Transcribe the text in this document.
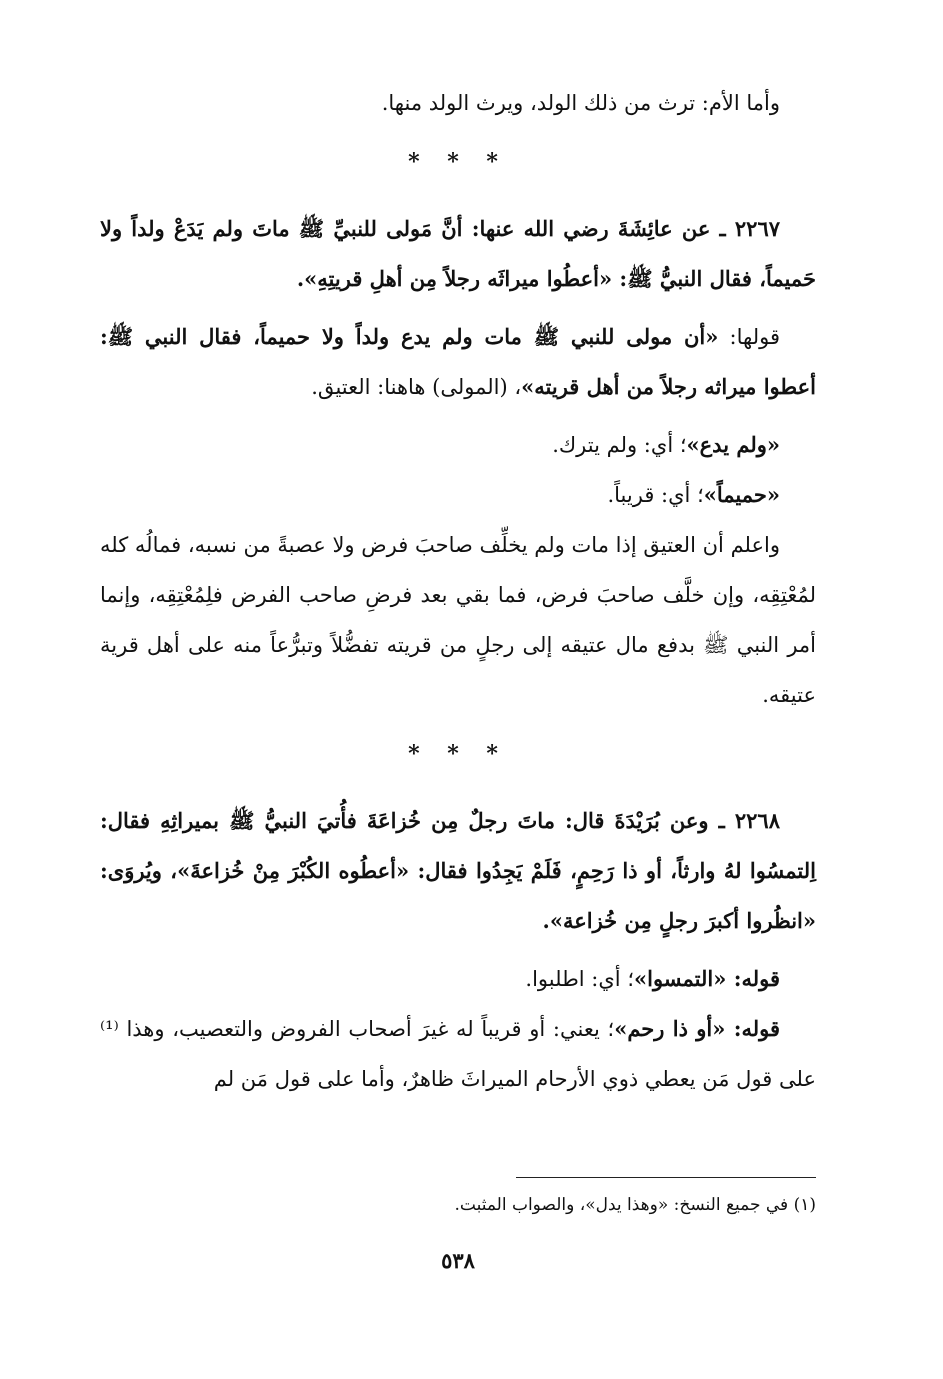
وأما الأم: ترث من ذلك الولد، ويرث الولد منها.

* * *

٢٢٦٧ ـ عن عائِشَةَ رضي الله عنها: أنَّ مَولى للنبيِّ ﷺ ماتَ ولم يَدَعْ ولداً ولا حَميماً، فقال النبيُّ ﷺ: «أعطُوا ميراثَه رجلاً مِن أهلِ قريتِهِ».

قولها: «أن مولى للنبي ﷺ مات ولم يدع ولداً ولا حميماً، فقال النبي ﷺ: أعطوا ميراثه رجلاً من أهل قريته»، (المولى) هاهنا: العتيق.

«ولم يدع»؛ أي: ولم يترك.

«حميماً»؛ أي: قريباً.

واعلم أن العتيق إذا مات ولم يخلِّف صاحبَ فرض ولا عصبةً من نسبه، فمالُه كله لمُعْتِقِه، وإن خلَّف صاحبَ فرض، فما بقي بعد فرضِ صاحب الفرض فلِمُعْتِقِه، وإنما أمر النبي ﷺ بدفع مال عتيقه إلى رجلٍ من قريته تفضُّلاً وتبرُّعاً منه على أهل قرية عتيقه.

* * *

٢٢٦٨ ـ وعن بُرَيْدَةَ قال: ماتَ رجلٌ مِن خُزاعَةَ فأُتيَ النبيُّ ﷺ بميراثِهِ فقال: اِلتمسُوا لهُ وارثاً، أو ذا رَحِمٍ، فَلَمْ يَجِدُوا فقال: «أعطُوه الكُبْرَ مِنْ خُزاعةَ»، ويُروَى: «انظُروا أكبرَ رجلٍ مِن خُزاعة».

قوله: «التمسوا»؛ أي: اطلبوا.

قوله: «أو ذا رحم»؛ يعني: أو قريباً له غيرَ أصحاب الفروض والتعصيب، وهذا ⁽¹⁾ على قول مَن يعطي ذوي الأرحام الميراثَ ظاهرٌ، وأما على قول مَن لم

(١) في جميع النسخ: «وهذا يدل»، والصواب المثبت.
٥٣٨
